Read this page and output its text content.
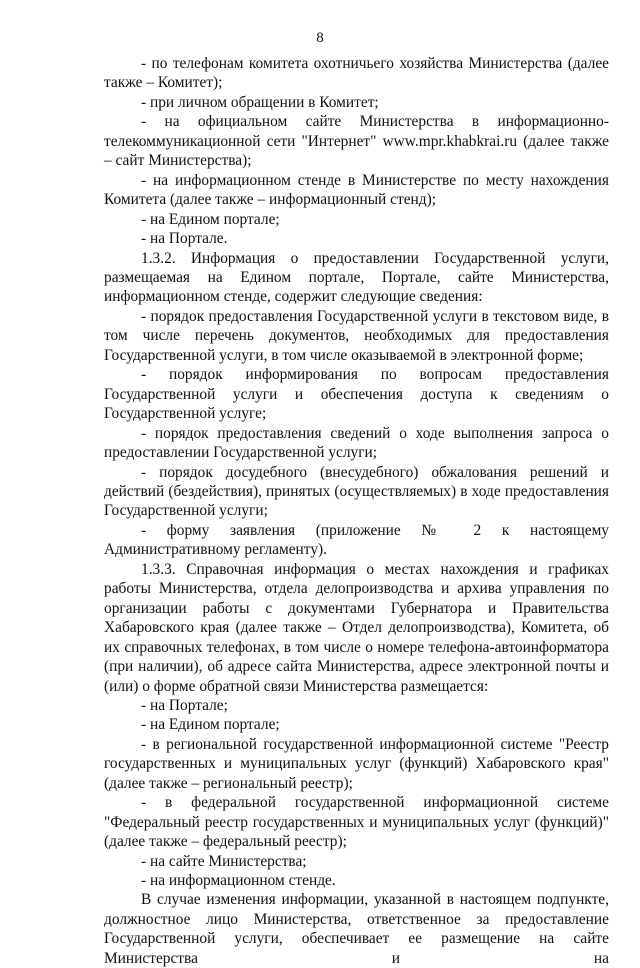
8

- по телефонам комитета охотничьего хозяйства Министерства (далее также – Комитет);

- при личном обращении в Комитет;

- на официальном сайте Министерства в информационно-телекоммуникационной сети "Интернет" www.mpr.khabkrai.ru (далее также – сайт Министерства);

- на информационном стенде в Министерстве по месту нахождения Комитета (далее также – информационный стенд);

- на Едином портале;

- на Портале.

1.3.2. Информация о предоставлении Государственной услуги, размещаемая на Едином портале, Портале, сайте Министерства, информационном стенде, содержит следующие сведения:

- порядок предоставления Государственной услуги в текстовом виде, в том числе перечень документов, необходимых для предоставления Государственной услуги, в том числе оказываемой в электронной форме;

- порядок информирования по вопросам предоставления Государственной услуги и обеспечения доступа к сведениям о Государственной услуге;

- порядок предоставления сведений о ходе выполнения запроса о предоставлении Государственной услуги;

- порядок досудебного (внесудебного) обжалования решений и действий (бездействия), принятых (осуществляемых) в ходе предоставления Государственной услуги;

- форму заявления (приложение № 2 к настоящему Административному регламенту).

1.3.3. Справочная информация о местах нахождения и графиках работы Министерства, отдела делопроизводства и архива управления по организации работы с документами Губернатора и Правительства Хабаровского края (далее также – Отдел делопроизводства), Комитета, об их справочных телефонах, в том числе о номере телефона-автоинформатора (при наличии), об адресе сайта Министерства, адресе электронной почты и (или) о форме обратной связи Министерства размещается:

- на Портале;

- на Едином портале;

- в региональной государственной информационной системе "Реестр государственных и муниципальных услуг (функций) Хабаровского края" (далее также – региональный реестр);

- в федеральной государственной информационной системе "Федеральный реестр государственных и муниципальных услуг (функций)" (далее также – федеральный реестр);

- на сайте Министерства;

- на информационном стенде.

В случае изменения информации, указанной в настоящем подпункте, должностное лицо Министерства, ответственное за предоставление Государственной услуги, обеспечивает ее размещение на сайте Министерства и на
